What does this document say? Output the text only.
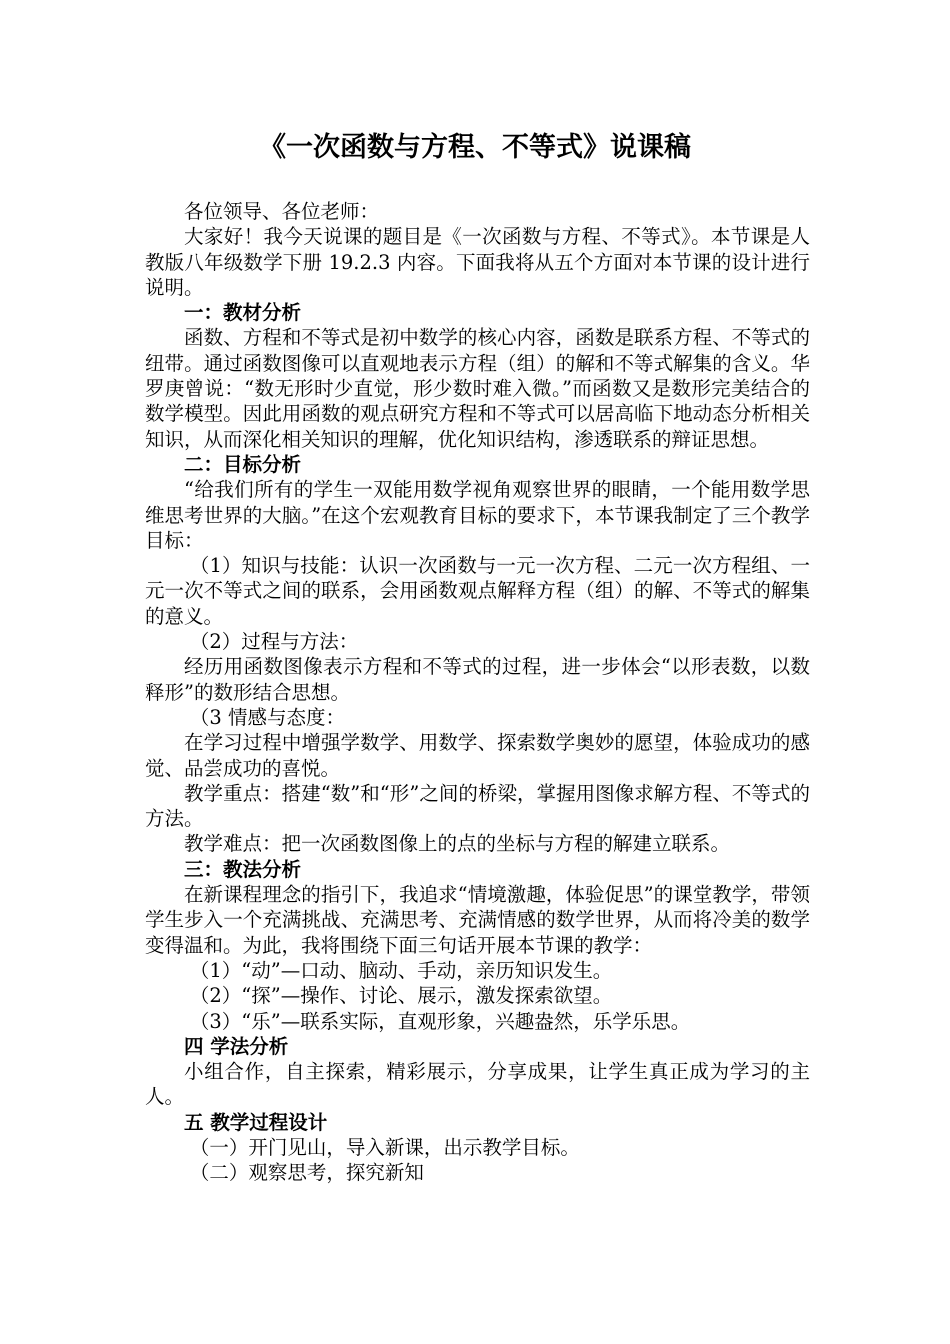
《一次函数与方程、不等式》说课稿

各位领导、各位老师：

大家好！我今天说课的题目是《一次函数与方程、不等式》。本节课是人教版八年级数学下册 19.2.3 内容。下面我将从五个方面对本节课的设计进行说明。

一：教材分析

函数、方程和不等式是初中数学的核心内容，函数是联系方程、不等式的纽带。通过函数图像可以直观地表示方程（组）的解和不等式解集的含义。华罗庚曾说：“数无形时少直觉，形少数时难入微。”而函数又是数形完美结合的数学模型。因此用函数的观点研究方程和不等式可以居高临下地动态分析相关知识，从而深化相关知识的理解，优化知识结构，渗透联系的辩证思想。

二：目标分析

“给我们所有的学生一双能用数学视角观察世界的眼睛，一个能用数学思维思考世界的大脑。”在这个宏观教育目标的要求下，本节课我制定了三个教学目标：

（1）知识与技能：认识一次函数与一元一次方程、二元一次方程组、一元一次不等式之间的联系，会用函数观点解释方程（组）的解、不等式的解集的意义。

（2）过程与方法：

经历用函数图像表示方程和不等式的过程，进一步体会“以形表数，以数释形”的数形结合思想。

（3 情感与态度：

在学习过程中增强学数学、用数学、探索数学奥妙的愿望，体验成功的感觉、品尝成功的喜悦。

教学重点：搭建“数”和“形”之间的桥梁，掌握用图像求解方程、不等式的方法。

教学难点：把一次函数图像上的点的坐标与方程的解建立联系。

三：教法分析

在新课程理念的指引下，我追求“情境激趣，体验促思”的课堂教学，带领学生步入一个充满挑战、充满思考、充满情感的数学世界，从而将冷美的数学变得温和。为此，我将围绕下面三句话开展本节课的教学：

（1）“动”—口动、脑动、手动，亲历知识发生。

（2）“探”—操作、讨论、展示，激发探索欲望。

（3）“乐”—联系实际，直观形象，兴趣盎然，乐学乐思。

四 学法分析

小组合作，自主探索，精彩展示，分享成果，让学生真正成为学习的主人。

五 教学过程设计

（一）开门见山，导入新课，出示教学目标。

（二）观察思考，探究新知
